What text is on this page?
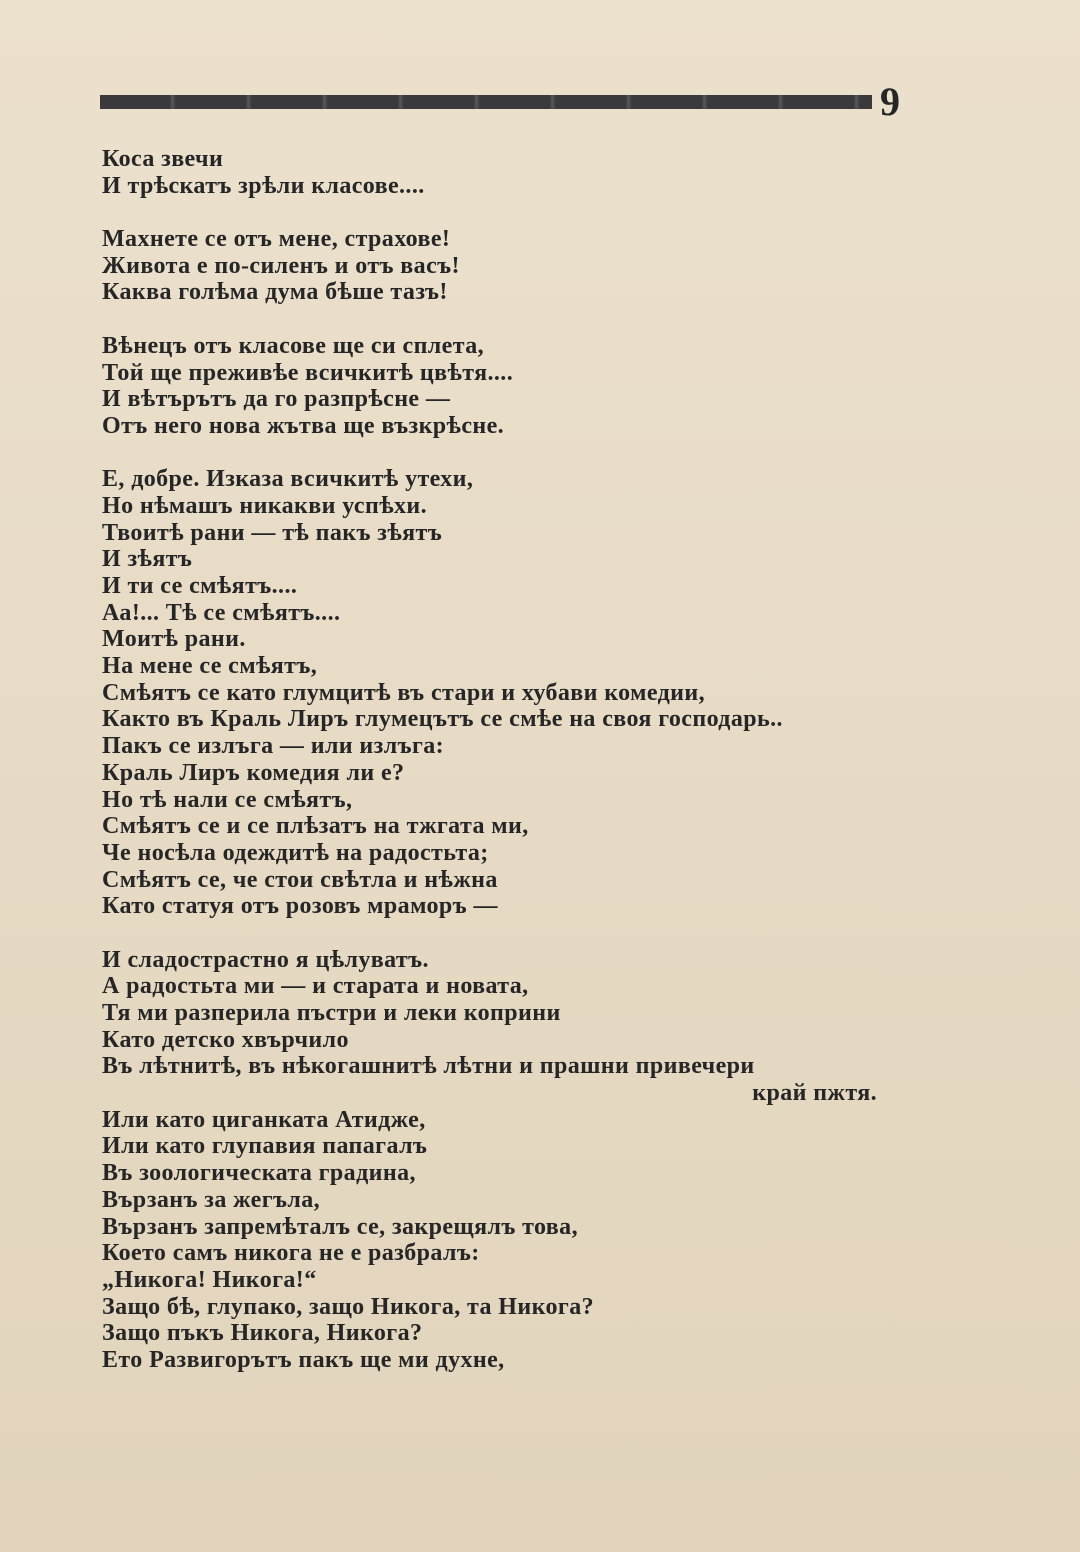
9
Коса звечи
И трѣскатъ зрѣли класове....
Махнете се отъ мене, страхове!
Живота е по-силенъ и отъ васъ!
Каква голѣма дума бѣше тазъ!
Вѣнецъ отъ класове ще си сплета,
Той ще преживѣе всичкитѣ цвѣтя....
И вѣтърътъ да го разпрѣсне —
Отъ него нова жътва ще възкрѣсне.
Е, добре. Изказа всичкитѣ утехи,
Но нѣмашъ никакви успѣхи.
Твоитѣ рани — тѣ пакъ зѣятъ
И зѣятъ
И ти се смѣятъ....
Аа!... Тѣ се смѣятъ....
Моитѣ рани.
На мене се смѣятъ,
Смѣятъ се като глумцитѣ въ стари и хубави комедии,
Както въ Краль Лиръ глумецътъ се смѣе на своя господарь..
Пакъ се излъга — или излъга:
Краль Лиръ комедия ли е?
Но тѣ нали се смѣятъ,
Смѣятъ се и се плѣзатъ на тжгата ми,
Че носѣла одеждитѣ на радостьта;
Смѣятъ се, че стои свѣтла и нѣжна
Като статуя отъ розовъ мраморъ —
И сладострастно я цѣлуватъ.
А радостьта ми — и старата и новата,
Тя ми разперила пъстри и леки коприни
Като детско хвърчило
Въ лѣтнитѣ, въ нѣкогашнитѣ лѣтни и прашни привечери
край пжтя.
Или като циганката Атидже,
Или като глупавия папагалъ
Въ зоологическата градина,
Вързанъ за жегъла,
Вързанъ запремѣталъ се, закрещялъ това,
Което самъ никога не е разбралъ:
„Никога! Никога!“
Защо бѣ, глупако, защо Никога, та Никога?
Защо пъкъ Никога, Никога?
Ето Развигорътъ пакъ ще ми духне,
